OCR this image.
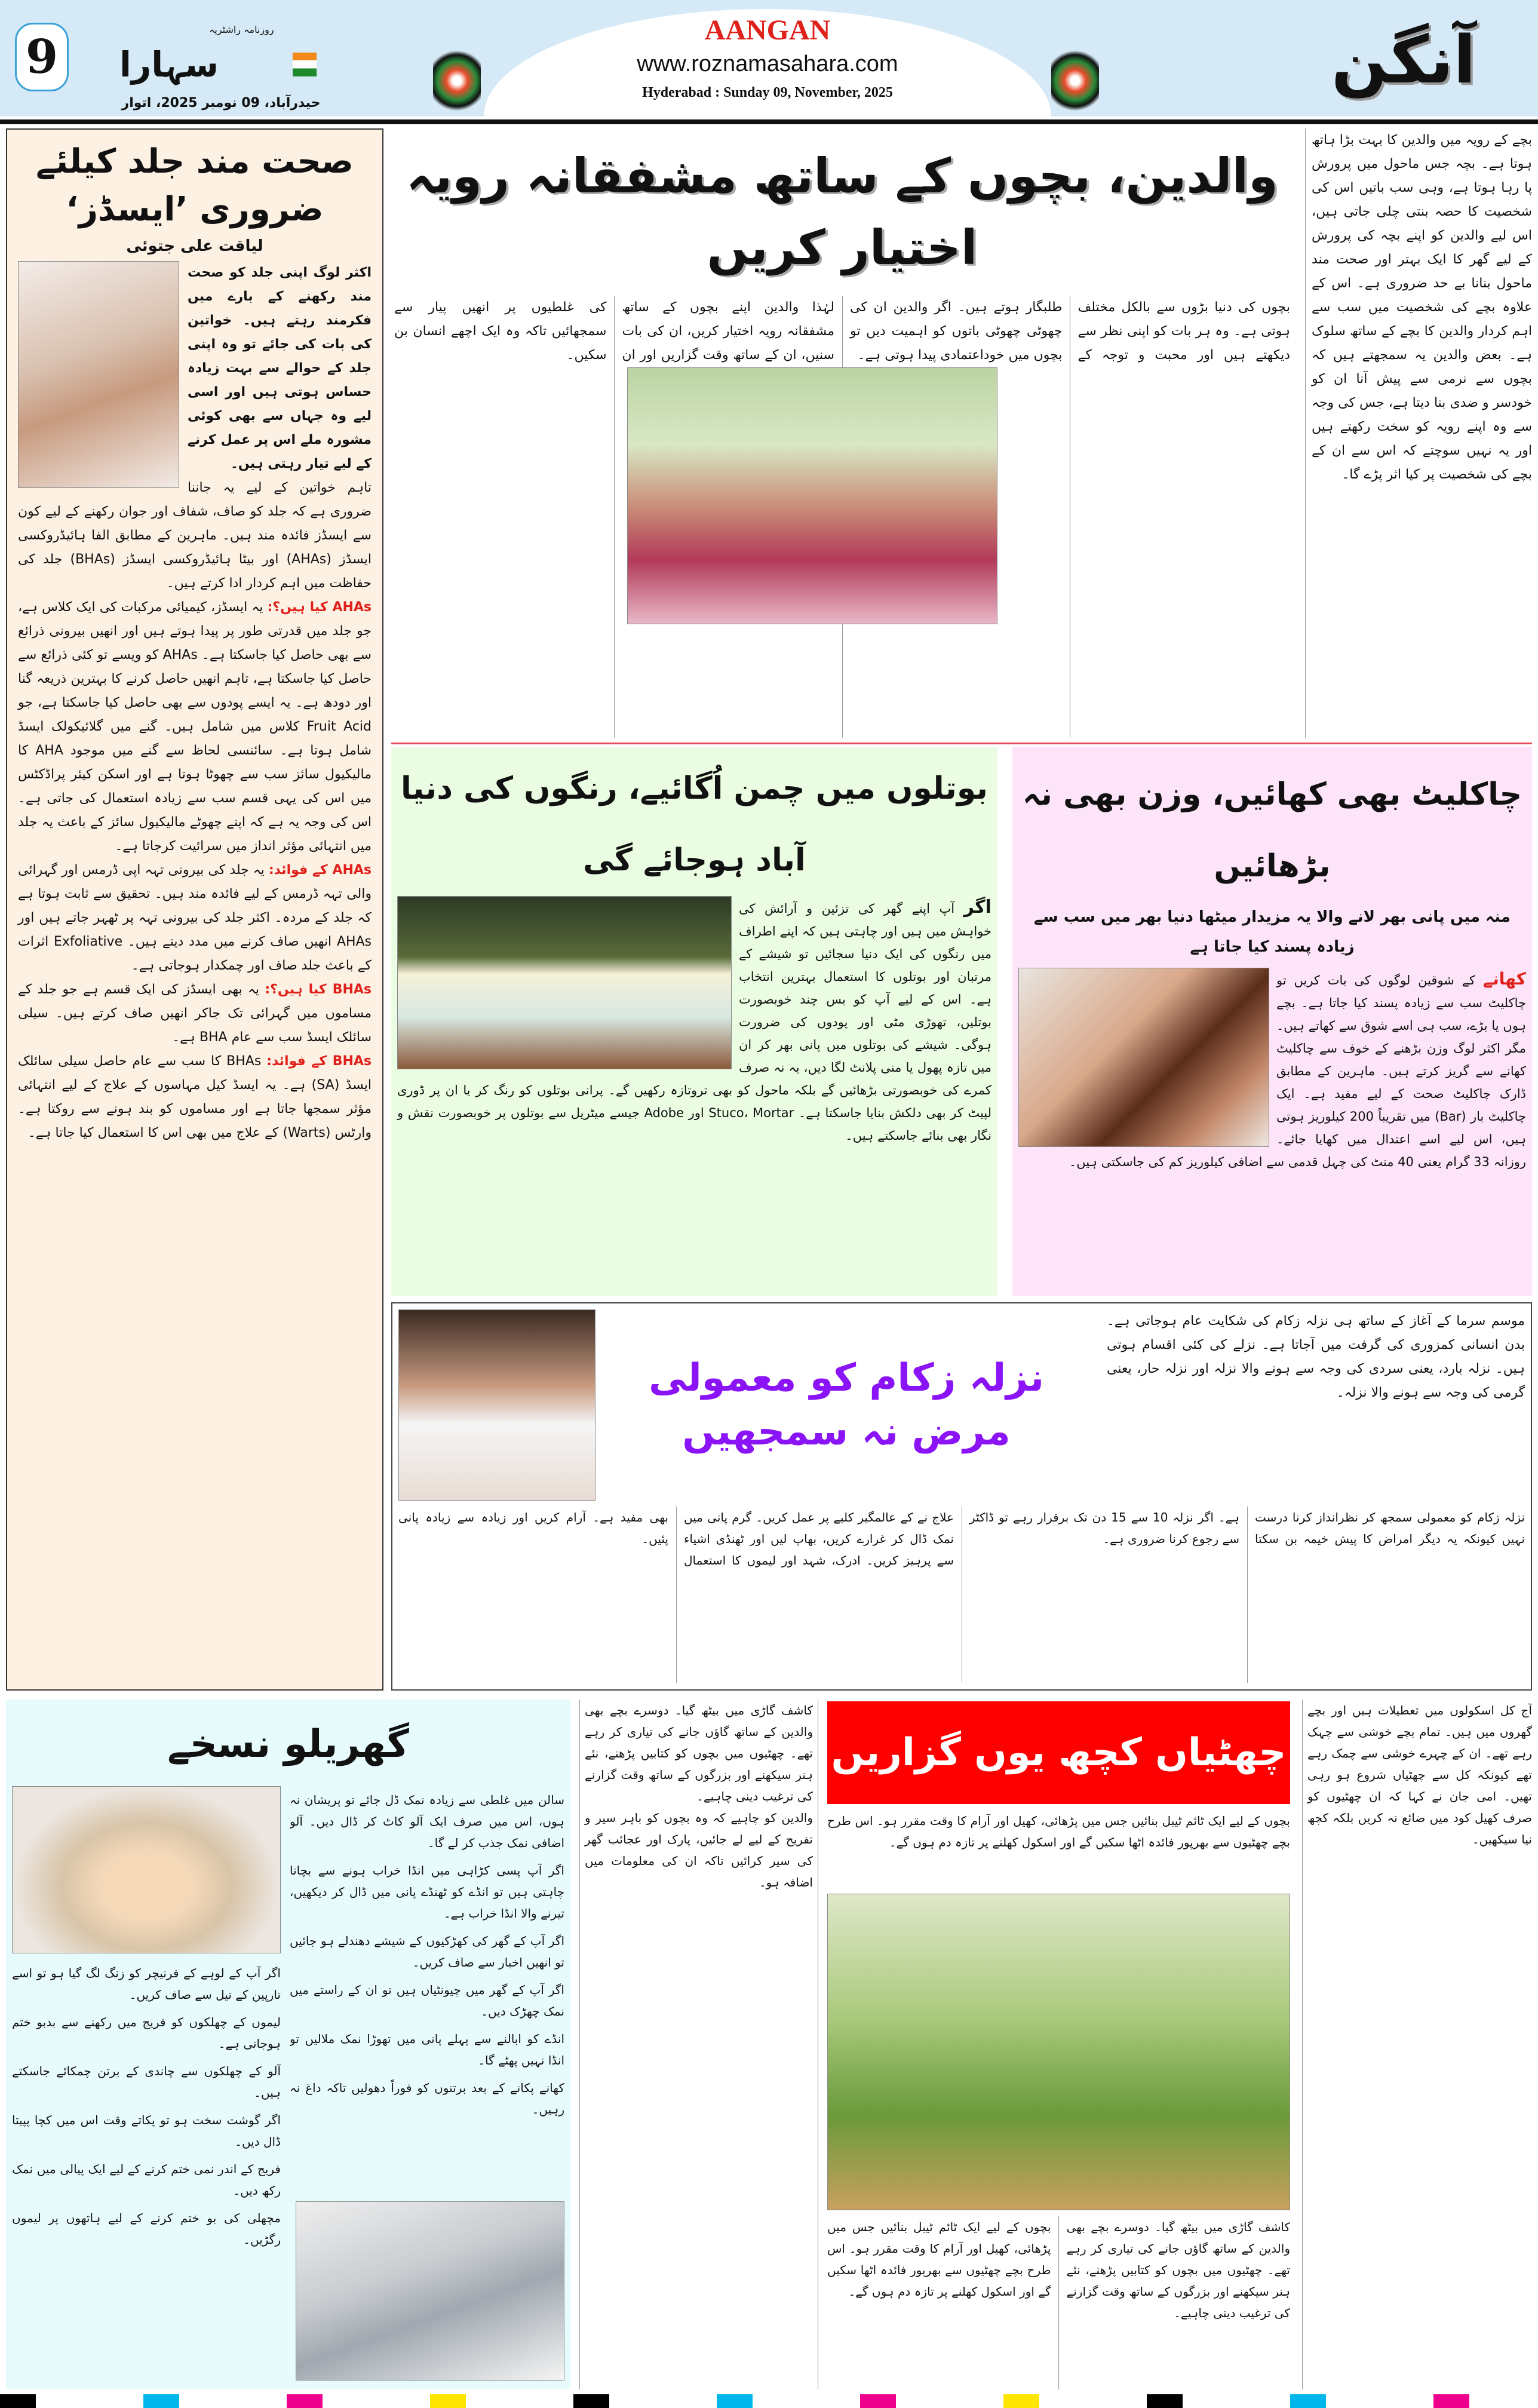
9
روزنامہ راشٹریہ
سہارا
حیدرآباد، 09 نومبر 2025، اتوار
AANGAN
www.roznamasahara.com
Hyderabad : Sunday 09, November, 2025	آنگن
صحت مند جلد کیلئے ضروری ’ایسڈز‘
لیاقت علی جتوئی
اکثر لوگ اپنی جلد کو صحت مند رکھنے کے بارے میں فکرمند رہتے ہیں۔ خواتین کی بات کی جائے تو وہ اپنی جلد کے حوالے سے بہت زیادہ حساس ہوتی ہیں اور اسی لیے وہ جہاں سے بھی کوئی مشورہ ملے اس پر عمل کرنے کے لیے تیار رہتی ہیں۔

تاہم خواتین کے لیے یہ جاننا ضروری ہے کہ جلد کو صاف، شفاف اور جوان رکھنے کے لیے کون سے ایسڈز فائدہ مند ہیں۔ ماہرین کے مطابق الفا ہائیڈروکسی ایسڈز (AHAs) اور بیٹا ہائیڈروکسی ایسڈز (BHAs) جلد کی حفاظت میں اہم کردار ادا کرتے ہیں۔

AHAs کیا ہیں؟: یہ ایسڈز، کیمیائی مرکبات کی ایک کلاس ہے، جو جلد میں قدرتی طور پر پیدا ہوتے ہیں اور انھیں بیرونی ذرائع سے بھی حاصل کیا جاسکتا ہے۔ AHAs کو ویسے تو کئی ذرائع سے حاصل کیا جاسکتا ہے، تاہم انھیں حاصل کرنے کا بہترین ذریعہ گنا اور دودھ ہے۔ یہ ایسے پودوں سے بھی حاصل کیا جاسکتا ہے، جو Fruit Acid کلاس میں شامل ہیں۔ گنے میں گلائیکولک ایسڈ شامل ہوتا ہے۔ سائنسی لحاظ سے گنے میں موجود AHA کا مالیکیول سائز سب سے چھوٹا ہوتا ہے اور اسکن کیئر پراڈکٹس میں اس کی یہی قسم سب سے زیادہ استعمال کی جاتی ہے۔ اس کی وجہ یہ ہے کہ اپنے چھوٹے مالیکیول سائز کے باعث یہ جلد میں انتہائی مؤثر انداز میں سرائیت کرجاتا ہے۔

AHAs کے فوائد: یہ جلد کی بیرونی تہہ اپی ڈرمس اور گہرائی والی تہہ ڈرمس کے لیے فائدہ مند ہیں۔ تحقیق سے ثابت ہوتا ہے کہ جلد کے مردہ۔ اکثر جلد کی بیرونی تہہ پر ٹھہر جاتے ہیں اور AHAs انھیں صاف کرنے میں مدد دیتے ہیں۔ Exfoliative اثرات کے باعث جلد صاف اور چمکدار ہوجاتی ہے۔

BHAs کیا ہیں؟: یہ بھی ایسڈز کی ایک قسم ہے جو جلد کے مساموں میں گہرائی تک جاکر انھیں صاف کرتے ہیں۔ سیلی سائلک ایسڈ سب سے عام BHA ہے۔

BHAs کے فوائد: BHAs کا سب سے عام حاصل سیلی سائلک ایسڈ (SA) ہے۔ یہ ایسڈ کیل مہاسوں کے علاج کے لیے انتہائی مؤثر سمجھا جاتا ہے اور مساموں کو بند ہونے سے روکتا ہے۔ وارٹس (Warts) کے علاج میں بھی اس کا استعمال کیا جاتا ہے۔

بچے کے رویہ میں والدین کا بہت بڑا ہاتھ ہوتا ہے۔ بچہ جس ماحول میں پرورش پا رہا ہوتا ہے، وہی سب باتیں اس کی شخصیت کا حصہ بنتی چلی جاتی ہیں، اس لیے والدین کو اپنے بچہ کی پرورش کے لیے گھر کا ایک بہتر اور صحت مند ماحول بنانا بے حد ضروری ہے۔ اس کے علاوہ بچے کی شخصیت میں سب سے اہم کردار والدین کا بچے کے ساتھ سلوک ہے۔ بعض والدین یہ سمجھتے ہیں کہ بچوں سے نرمی سے پیش آنا ان کو خودسر و ضدی بنا دیتا ہے، جس کی وجہ سے وہ اپنے رویہ کو سخت رکھتے ہیں اور یہ نہیں سوچتے کہ اس سے ان کے بچے کی شخصیت پر کیا اثر پڑے گا۔
والدین، بچوں کے ساتھ مشفقانہ رویہ اختیار کریں

بچوں کی دنیا بڑوں سے بالکل مختلف ہوتی ہے۔ وہ ہر بات کو اپنی نظر سے دیکھتے ہیں اور محبت و توجہ کے طلبگار ہوتے ہیں۔ اگر والدین ان کی چھوٹی چھوٹی باتوں کو اہمیت دیں تو بچوں میں خوداعتمادی پیدا ہوتی ہے۔

لہٰذا والدین اپنے بچوں کے ساتھ مشفقانہ رویہ اختیار کریں، ان کی بات سنیں، ان کے ساتھ وقت گزاریں اور ان کی غلطیوں پر انھیں پیار سے سمجھائیں تاکہ وہ ایک اچھے انسان بن سکیں۔

بوتلوں میں چمن اُگائیے، رنگوں کی دنیا آباد ہوجائے گی
اگر آپ اپنے گھر کی تزئین و آرائش کی خواہش میں ہیں اور چاہتی ہیں کہ اپنے اطراف میں رنگوں کی ایک دنیا سجائیں تو شیشے کے مرتبان اور بوتلوں کا استعمال بہترین انتخاب ہے۔ اس کے لیے آپ کو بس چند خوبصورت بوتلیں، تھوڑی مٹی اور پودوں کی ضرورت ہوگی۔ شیشے کی بوتلوں میں پانی بھر کر ان میں تازہ پھول یا منی پلانٹ لگا دیں، یہ نہ صرف کمرے کی خوبصورتی بڑھائیں گے بلکہ ماحول کو بھی تروتازہ رکھیں گے۔ پرانی بوتلوں کو رنگ کر یا ان پر ڈوری لپیٹ کر بھی دلکش بنایا جاسکتا ہے۔ Stuco، Mortar اور Adobe جیسے میٹریل سے بوتلوں پر خوبصورت نقش و نگار بھی بنائے جاسکتے ہیں۔
چاکلیٹ بھی کھائیں، وزن بھی نہ بڑھائیں
منہ میں پانی بھر لانے والا یہ مزیدار میٹھا دنیا بھر میں سب سے زیادہ پسند کیا جاتا ہے
کھانے کے شوقین لوگوں کی بات کریں تو چاکلیٹ سب سے زیادہ پسند کیا جاتا ہے۔ بچے ہوں یا بڑے، سب ہی اسے شوق سے کھاتے ہیں۔ مگر اکثر لوگ وزن بڑھنے کے خوف سے چاکلیٹ کھانے سے گریز کرتے ہیں۔ ماہرین کے مطابق ڈارک چاکلیٹ صحت کے لیے مفید ہے۔ ایک چاکلیٹ بار (Bar) میں تقریباً 200 کیلوریز ہوتی ہیں، اس لیے اسے اعتدال میں کھایا جائے۔ روزانہ 33 گرام یعنی 40 منٹ کی چہل قدمی سے اضافی کیلوریز کم کی جاسکتی ہیں۔
نزلہ زکام کو معمولی مرض نہ سمجھیں
موسم سرما کے آغاز کے ساتھ ہی نزلہ زکام کی شکایت عام ہوجاتی ہے۔ بدن انسانی کمزوری کی گرفت میں آجاتا ہے۔ نزلے کی کئی اقسام ہوتی ہیں۔ نزلہ بارد، یعنی سردی کی وجہ سے ہونے والا نزلہ اور نزلہ حار، یعنی گرمی کی وجہ سے ہونے والا نزلہ۔

نزلہ زکام کو معمولی سمجھ کر نظرانداز کرنا درست نہیں کیونکہ یہ دیگر امراض کا پیش خیمہ بن سکتا ہے۔ اگر نزلہ 10 سے 15 دن تک برقرار رہے تو ڈاکٹر سے رجوع کرنا ضروری ہے۔

علاج نے کے عالمگیر کلیے پر عمل کریں۔ گرم پانی میں نمک ڈال کر غرارے کریں، بھاپ لیں اور ٹھنڈی اشیاء سے پرہیز کریں۔ ادرک، شہد اور لیموں کا استعمال بھی مفید ہے۔ آرام کریں اور زیادہ سے زیادہ پانی پئیں۔

گھریلو نسخے

سالن میں غلطی سے زیادہ نمک ڈل جائے تو پریشان نہ ہوں، اس میں صرف ایک آلو کاٹ کر ڈال دیں۔ آلو اضافی نمک جذب کر لے گا۔

اگر آپ پسی کڑاہی میں انڈا خراب ہونے سے بچانا چاہتی ہیں تو انڈے کو ٹھنڈے پانی میں ڈال کر دیکھیں، تیرنے والا انڈا خراب ہے۔

اگر آپ کے گھر کی کھڑکیوں کے شیشے دھندلے ہو جائیں تو انھیں اخبار سے صاف کریں۔

اگر آپ کے گھر میں چیونٹیاں ہیں تو ان کے راستے میں نمک چھڑک دیں۔

انڈے کو ابالنے سے پہلے پانی میں تھوڑا نمک ملالیں تو انڈا نہیں پھٹے گا۔

کھانے پکانے کے بعد برتنوں کو فوراً دھولیں تاکہ داغ نہ رہیں۔

اگر آپ کے لوہے کے فرنیچر کو زنگ لگ گیا ہو تو اسے تارپین کے تیل سے صاف کریں۔

لیموں کے چھلکوں کو فریج میں رکھنے سے بدبو ختم ہوجاتی ہے۔

آلو کے چھلکوں سے چاندی کے برتن چمکائے جاسکتے ہیں۔

اگر گوشت سخت ہو تو پکاتے وقت اس میں کچا پپیتا ڈال دیں۔

فریج کے اندر نمی ختم کرنے کے لیے ایک پیالی میں نمک رکھ دیں۔

مچھلی کی بو ختم کرنے کے لیے ہاتھوں پر لیموں رگڑیں۔

کاشف گاڑی میں بیٹھ گیا۔ دوسرے بچے بھی والدین کے ساتھ گاؤں جانے کی تیاری کر رہے تھے۔ چھٹیوں میں بچوں کو کتابیں پڑھنے، نئے ہنر سیکھنے اور بزرگوں کے ساتھ وقت گزارنے کی ترغیب دینی چاہیے۔

والدین کو چاہیے کہ وہ بچوں کو باہر سیر و تفریح کے لیے لے جائیں، پارک اور عجائب گھر کی سیر کرائیں تاکہ ان کی معلومات میں اضافہ ہو۔

چھٹیاں کچھ یوں گزاریں
بچوں کے لیے ایک ٹائم ٹیبل بنائیں جس میں پڑھائی، کھیل اور آرام کا وقت مقرر ہو۔ اس طرح بچے چھٹیوں سے بھرپور فائدہ اٹھا سکیں گے اور اسکول کھلنے پر تازہ دم ہوں گے۔

کاشف گاڑی میں بیٹھ گیا۔ دوسرے بچے بھی والدین کے ساتھ گاؤں جانے کی تیاری کر رہے تھے۔ چھٹیوں میں بچوں کو کتابیں پڑھنے، نئے ہنر سیکھنے اور بزرگوں کے ساتھ وقت گزارنے کی ترغیب دینی چاہیے۔

بچوں کے لیے ایک ٹائم ٹیبل بنائیں جس میں پڑھائی، کھیل اور آرام کا وقت مقرر ہو۔ اس طرح بچے چھٹیوں سے بھرپور فائدہ اٹھا سکیں گے اور اسکول کھلنے پر تازہ دم ہوں گے۔

آج کل اسکولوں میں تعطیلات ہیں اور بچے گھروں میں ہیں۔ تمام بچے خوشی سے چہک رہے تھے۔ ان کے چہرے خوشی سے چمک رہے تھے کیونکہ کل سے چھٹیاں شروع ہو رہی تھیں۔ امی جان نے کہا کہ ان چھٹیوں کو صرف کھیل کود میں ضائع نہ کریں بلکہ کچھ نیا سیکھیں۔
